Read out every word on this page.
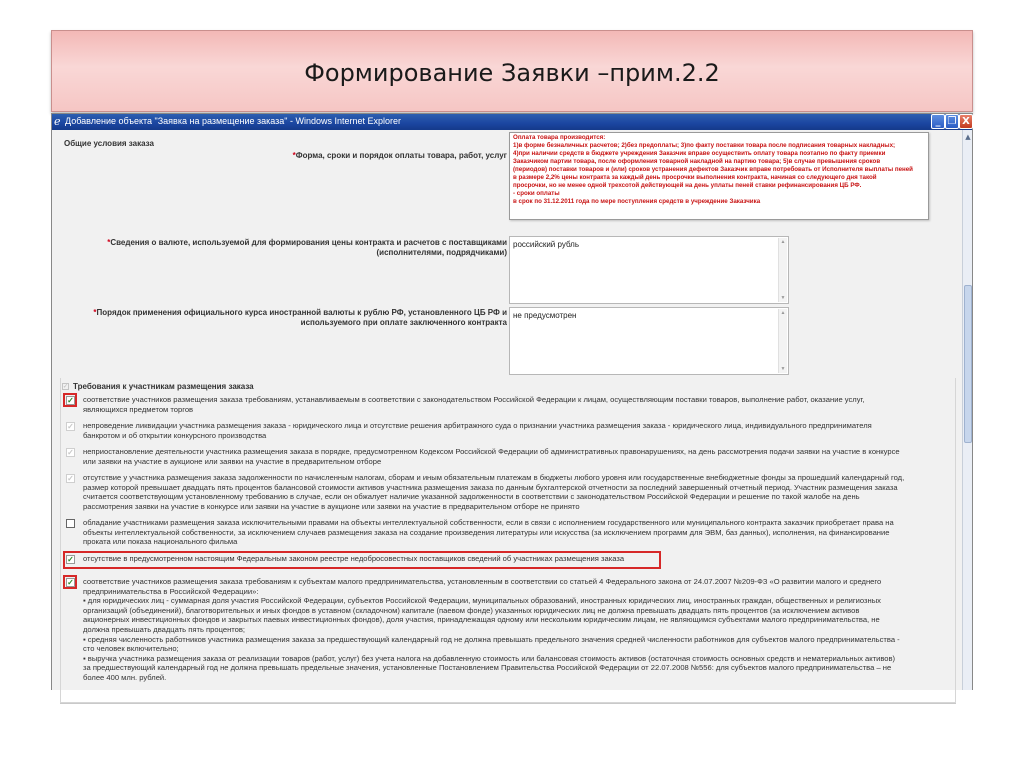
Формирование Заявки –прим.2.2
e Добавление объекта "Заявка на размещение заказа" - Windows Internet Explorer	_ ❐ X
Общие условия заказа
*Форма, сроки и порядок оплаты товара, работ, услуг
Оплата товара производится:
1)в форме безналичных расчетов; 2)без предоплаты; 3)по факту поставки товара после подписания товарных накладных;
4)при наличии средств в бюджете учреждения Заказчик вправе осуществить оплату товара поэтапно по факту приемки
Заказчиком партии товара, после оформления товарной накладной на партию товара; 5)в случае превышения сроков
(периодов) поставки товаров и (или) сроков устранения дефектов Заказчик вправе потребовать от Исполнителя выплаты пеней
в размере 2,2% цены контракта за каждый день просрочки выполнения контракта, начиная со следующего дня такой
просрочки, но не менее одной трехсотой действующей на день уплаты пеней ставки рефинансирования ЦБ РФ.
- сроки оплаты
в срок по 31.12.2011 года по мере поступления средств в учреждение Заказчика
*Сведения о валюте, используемой для формирования цены контракта и расчетов с поставщиками
(исполнителями, подрядчиками)
российский рубль	▲
▼
*Порядок применения официального курса иностранной валюты к рублю РФ, установленного ЦБ РФ и
используемого при оплате заключенного контракта
не предусмотрен	▲
▼
✓ Требования к участникам размещения заказа
✓ соответствие участников размещения заказа требованиям, устанавливаемым в соответствии с законодательством Российской Федерации к лицам, осуществляющим поставки товаров, выполнение работ, оказание услуг,
являющихся предметом торгов
✓ непроведение ликвидации участника размещения заказа - юридического лица и отсутствие решения арбитражного суда о признании участника размещения заказа - юридического лица, индивидуального предпринимателя
банкротом и об открытии конкурсного производства
✓ неприостановление деятельности участника размещения заказа в порядке, предусмотренном Кодексом Российской Федерации об административных правонарушениях, на день рассмотрения подачи заявки на участие в конкурсе
или заявки на участие в аукционе или заявки на участие в предварительном отборе
✓ отсутствие у участника размещения заказа задолженности по начисленным налогам, сборам и иным обязательным платежам в бюджеты любого уровня или государственные внебюджетные фонды за прошедший календарный год,
размер которой превышает двадцать пять процентов балансовой стоимости активов участника размещения заказа по данным бухгалтерской отчетности за последний завершенный отчетный период. Участник размещения заказа
считается соответствующим установленному требованию в случае, если он обжалует наличие указанной задолженности в соответствии с законодательством Российской Федерации и решение по такой жалобе на день
рассмотрения заявки на участие в конкурсе или заявки на участие в аукционе или заявки на участие в предварительном отборе не принято
обладание участниками размещения заказа исключительными правами на объекты интеллектуальной собственности, если в связи с исполнением государственного или муниципального контракта заказчик приобретает права на
объекты интеллектуальной собственности, за исключением случаев размещения заказа на создание произведения литературы или искусства (за исключением программ для ЭВМ, баз данных), исполнения, на финансирование
проката или показа национального фильма
✓ отсутствие в предусмотренном настоящим Федеральным законом реестре недобросовестных поставщиков сведений об участниках размещения заказа
✓ соответствие участников размещения заказа требованиям к субъектам малого предпринимательства, установленным в соответствии со статьей 4 Федерального закона от 24.07.2007 №209-ФЗ «О развитии малого и среднего
предпринимательства в Российской Федерации»:
▪ для юридических лиц - суммарная доля участия Российской Федерации, субъектов Российской Федерации, муниципальных образований, иностранных юридических лиц, иностранных граждан, общественных и религиозных
организаций (объединений), благотворительных и иных фондов в уставном (складочном) капитале (паевом фонде) указанных юридических лиц не должна превышать двадцать пять процентов (за исключением активов
акционерных инвестиционных фондов и закрытых паевых инвестиционных фондов), доля участия, принадлежащая одному или нескольким юридическим лицам, не являющимся субъектами малого предпринимательства, не
должна превышать двадцать пять процентов;
▪ средняя численность работников участника размещения заказа за предшествующий календарный год не должна превышать предельного значения средней численности работников для субъектов малого предпринимательства -
сто человек включительно;
▪ выручка участника размещения заказа от реализации товаров (работ, услуг) без учета налога на добавленную стоимость или балансовая стоимость активов (остаточная стоимость основных средств и нематериальных активов)
за предшествующий календарный год не должна превышать предельные значения, установленные Постановлением Правительства Российской Федерации от 22.07.2008 №556: для субъектов малого предпринимательства – не
более 400 млн. рублей.
▲
